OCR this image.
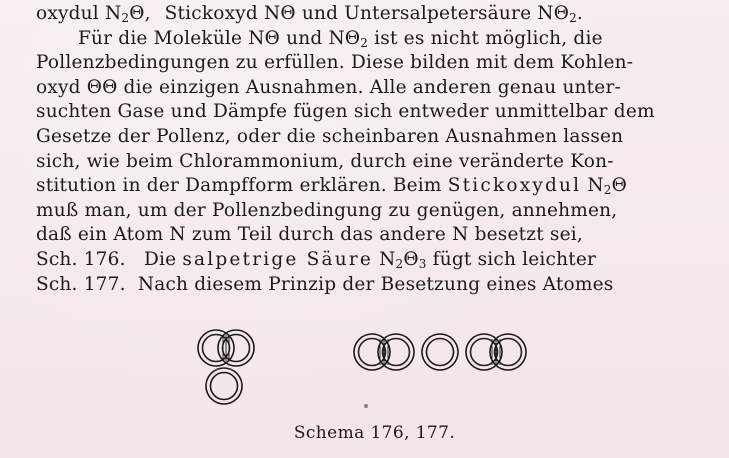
oxydul $N_2\Theta$, Stickoxyd NΘ und Untersalpetersäure $N\Theta_2$.
Für die Moleküle NΘ und $N\Theta_2$ ist es nicht möglich, die
Pollenzbedingungen zu erfüllen. Diese bilden mit dem Kohlen-
oxyd ΘΘ die einzigen Ausnahmen. Alle anderen genau unter-
suchten Gase und Dämpfe fügen sich entweder unmittelbar dem
Gesetze der Pollenz, oder die scheinbaren Ausnahmen lassen
sich, wie beim Chlorammonium, durch eine veränderte Kon-
stitution in der Dampfform erklären. Beim Stickoxydul $N_2\Theta$
muß man, um der Pollenzbedingung zu genügen, annehmen,
daß ein Atom N zum Teil durch das andere N besetzt sei,
Sch. 176.   Die salpetrige Säure $N_2\Theta_3$ fügt sich leichter
Sch. 177.  Nach diesem Prinzip der Besetzung eines Atomes
Schema 176, 177.
